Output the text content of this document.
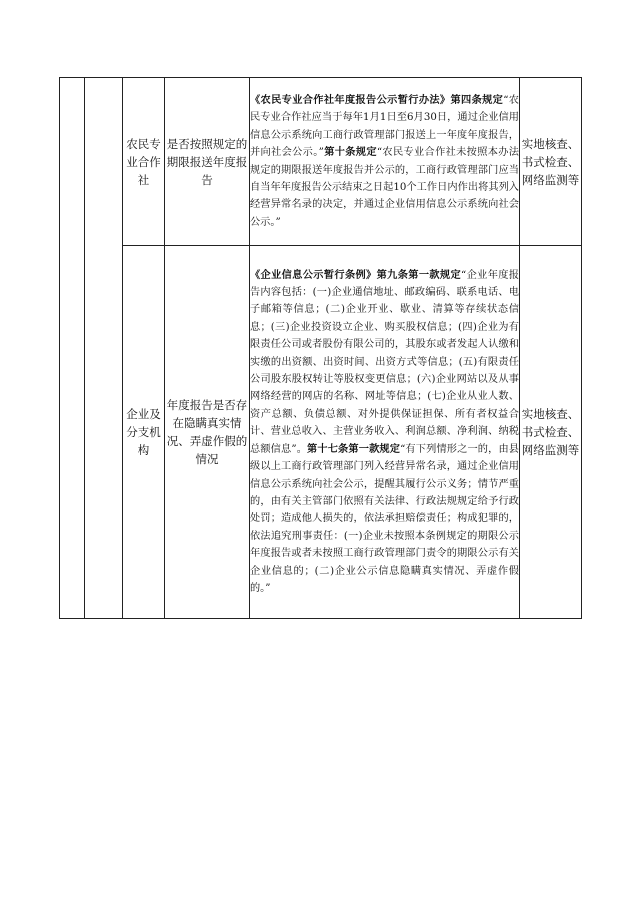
		农民专业合作社	是否按照规定的期限报送年度报告	《农民专业合作社年度报告公示暂行办法》第四条规定“农民专业合作社应当于每年1月1日至6月30日，通过企业信用信息公示系统向工商行政管理部门报送上一年度年度报告，并向社会公示。”第十条规定“农民专业合作社未按照本办法规定的期限报送年度报告并公示的，工商行政管理部门应当自当年年度报告公示结束之日起10个工作日内作出将其列入经营异常名录的决定，并通过企业信用信息公示系统向社会公示。”	实地核查、书式检查、网络监测等
		企业及分支机构	年度报告是否存在隐瞒真实情况、弄虚作假的情况	《企业信息公示暂行条例》第九条第一款规定“企业年度报告内容包括：(一)企业通信地址、邮政编码、联系电话、电子邮箱等信息；(二)企业开业、歇业、清算等存续状态信息；(三)企业投资设立企业、购买股权信息；(四)企业为有限责任公司或者股份有限公司的，其股东或者发起人认缴和实缴的出资额、出资时间、出资方式等信息；(五)有限责任公司股东股权转让等股权变更信息；(六)企业网站以及从事网络经营的网店的名称、网址等信息；(七)企业从业人数、资产总额、负债总额、对外提供保证担保、所有者权益合计、营业总收入、主营业务收入、利润总额、净利润、纳税总额信息”。第十七条第一款规定“有下列情形之一的，由县级以上工商行政管理部门列入经营异常名录，通过企业信用信息公示系统向社会公示，提醒其履行公示义务；情节严重的，由有关主管部门依照有关法律、行政法规规定给予行政处罚；造成他人损失的，依法承担赔偿责任；构成犯罪的，依法追究刑事责任：(一)企业未按照本条例规定的期限公示年度报告或者未按照工商行政管理部门责令的期限公示有关企业信息的；(二)企业公示信息隐瞒真实情况、弄虚作假的。”	实地核查、书式检查、网络监测等
